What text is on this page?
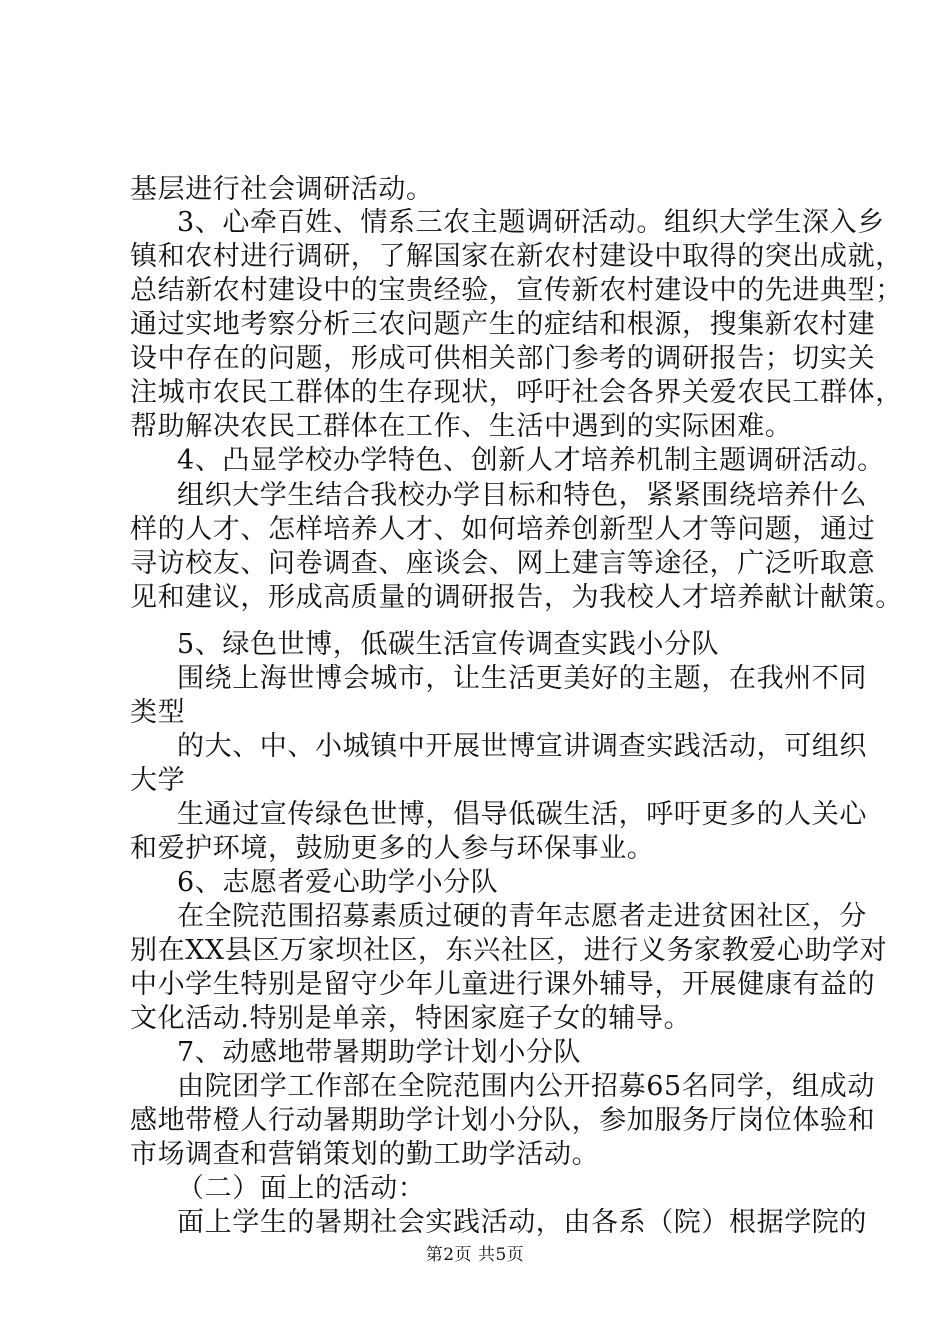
基层进行社会调研活动。
3、心牵百姓、情系三农主题调研活动。组织大学生深入乡
镇和农村进行调研，了解国家在新农村建设中取得的突出成就，
总结新农村建设中的宝贵经验，宣传新农村建设中的先进典型；
通过实地考察分析三农问题产生的症结和根源，搜集新农村建
设中存在的问题，形成可供相关部门参考的调研报告；切实关
注城市农民工群体的生存现状，呼吁社会各界关爱农民工群体，
帮助解决农民工群体在工作、生活中遇到的实际困难。
4、凸显学校办学特色、创新人才培养机制主题调研活动。
组织大学生结合我校办学目标和特色，紧紧围绕培养什么
样的人才、怎样培养人才、如何培养创新型人才等问题，通过
寻访校友、问卷调查、座谈会、网上建言等途径，广泛听取意
见和建议，形成高质量的调研报告，为我校人才培养献计献策。
5、绿色世博，低碳生活宣传调查实践小分队
围绕上海世博会城市，让生活更美好的主题，在我州不同
类型
的大、中、小城镇中开展世博宣讲调查实践活动，可组织
大学
生通过宣传绿色世博，倡导低碳生活，呼吁更多的人关心
和爱护环境，鼓励更多的人参与环保事业。
6、志愿者爱心助学小分队
在全院范围招募素质过硬的青年志愿者走进贫困社区，分
别在XX县区万家坝社区，东兴社区，进行义务家教爱心助学对
中小学生特别是留守少年儿童进行课外辅导，开展健康有益的
文化活动.特别是单亲，特困家庭子女的辅导。
7、动感地带暑期助学计划小分队
由院团学工作部在全院范围内公开招募65名同学，组成动
感地带橙人行动暑期助学计划小分队，参加服务厅岗位体验和
市场调查和营销策划的勤工助学活动。
（二）面上的活动：
面上学生的暑期社会实践活动，由各系（院）根据学院的
第2页 共5页
